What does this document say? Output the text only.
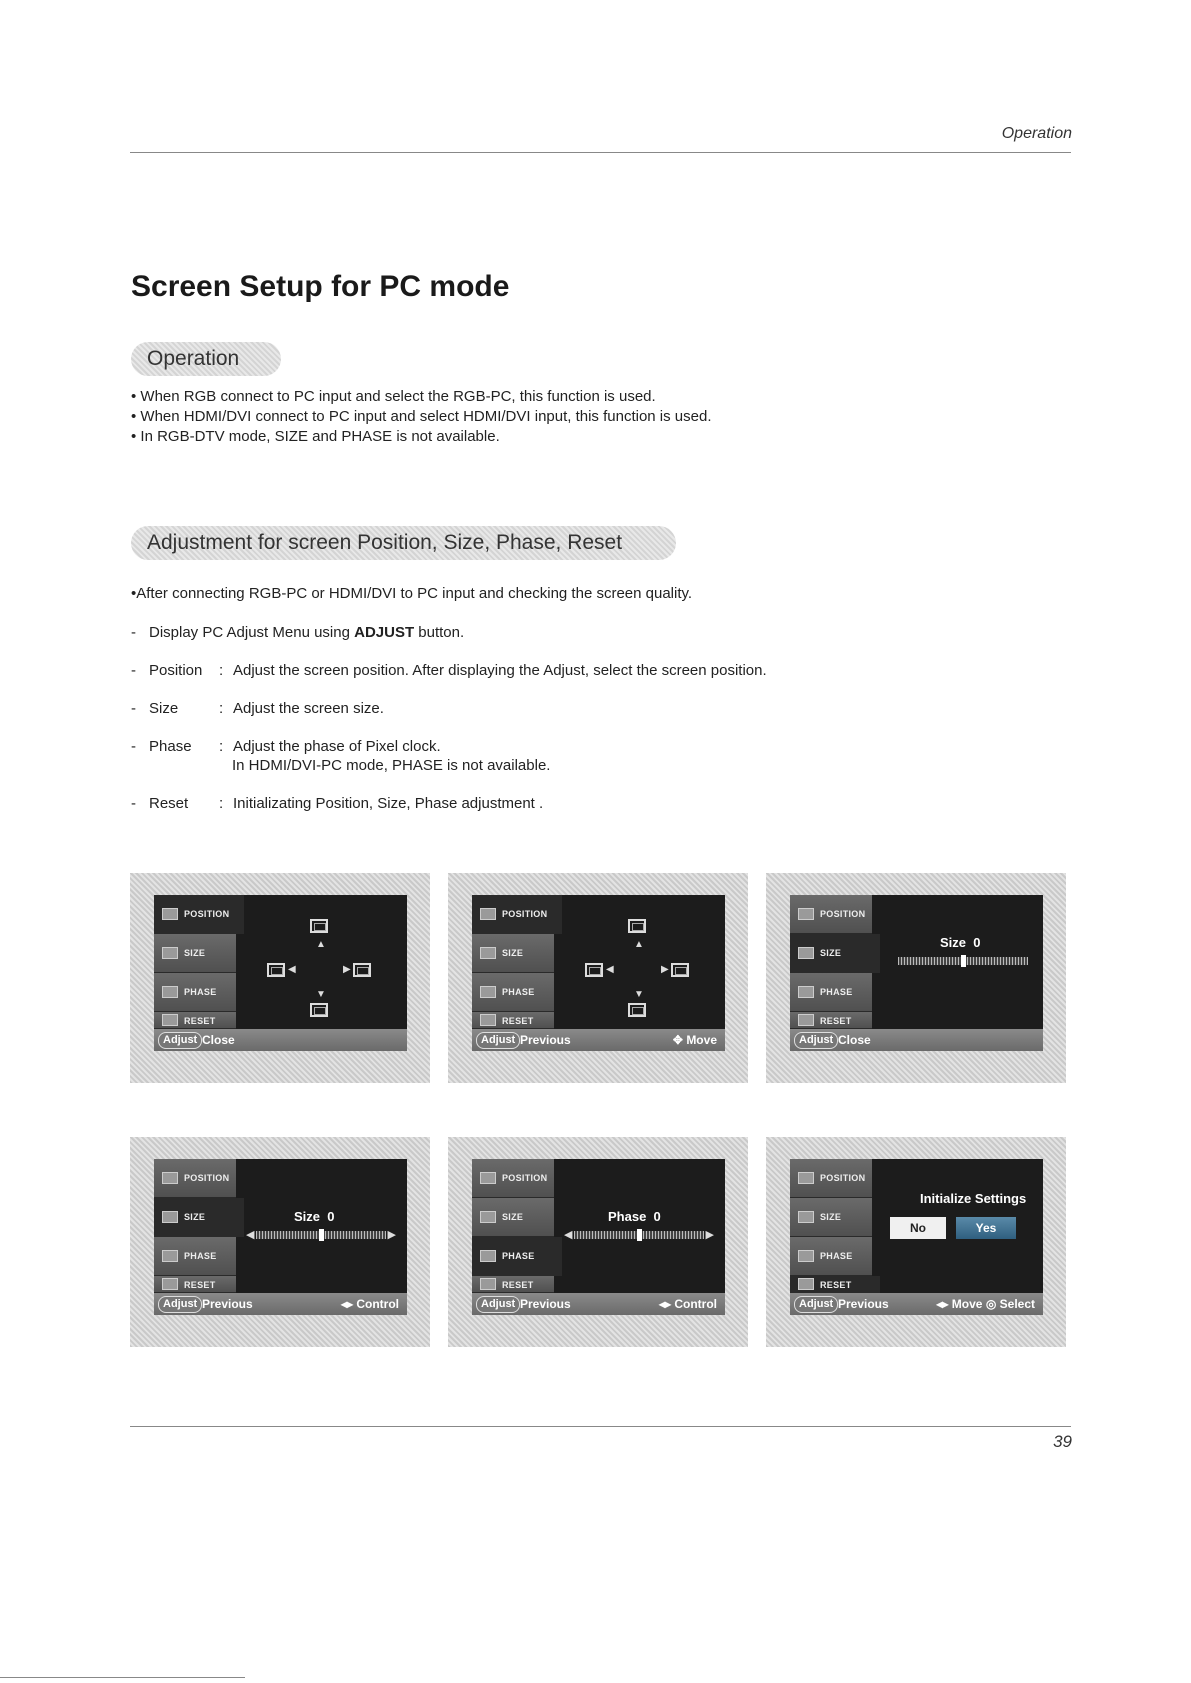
Operation
Screen Setup for PC mode
Operation

• When RGB connect to PC input and select the RGB-PC, this function is used.

• When HDMI/DVI connect to PC input and select HDMI/DVI input, this function is used.

• In RGB-DTV mode, SIZE and PHASE is not available.

Adjustment for screen Position, Size, Phase, Reset
•After connecting RGB-PC or HDMI/DVI to PC input and checking the screen quality.
- Display PC Adjust Menu using ADJUST button.
- Position : Adjust the screen position. After displaying the Adjust, select the screen position.
- Size	: Adjust the screen size.
- Phase : Adjust the phase of Pixel clock.
In HDMI/DVI-PC mode, PHASE is not available.
- Reset : Initializating Position, Size, Phase adjustment .
POSITION
SIZE
PHASE
RESET
▲
▼
◀	▶
Adjust Close
POSITION
SIZE
PHASE
RESET
▲
▼
◀	▶
Adjust Previous	✥ Move
POSITION
SIZE
PHASE
RESET
Size 0
Adjust Close
POSITION
SIZE
PHASE
RESET
Size 0
◀	▶
Adjust Previous	◂▸ Control
POSITION
SIZE
PHASE
RESET
Phase 0
◀	▶
Adjust Previous	◂▸ Control
POSITION
SIZE
PHASE
RESET
Initialize Settings
No	Yes
Adjust Previous	◂▸ Move ◎ Select
39
